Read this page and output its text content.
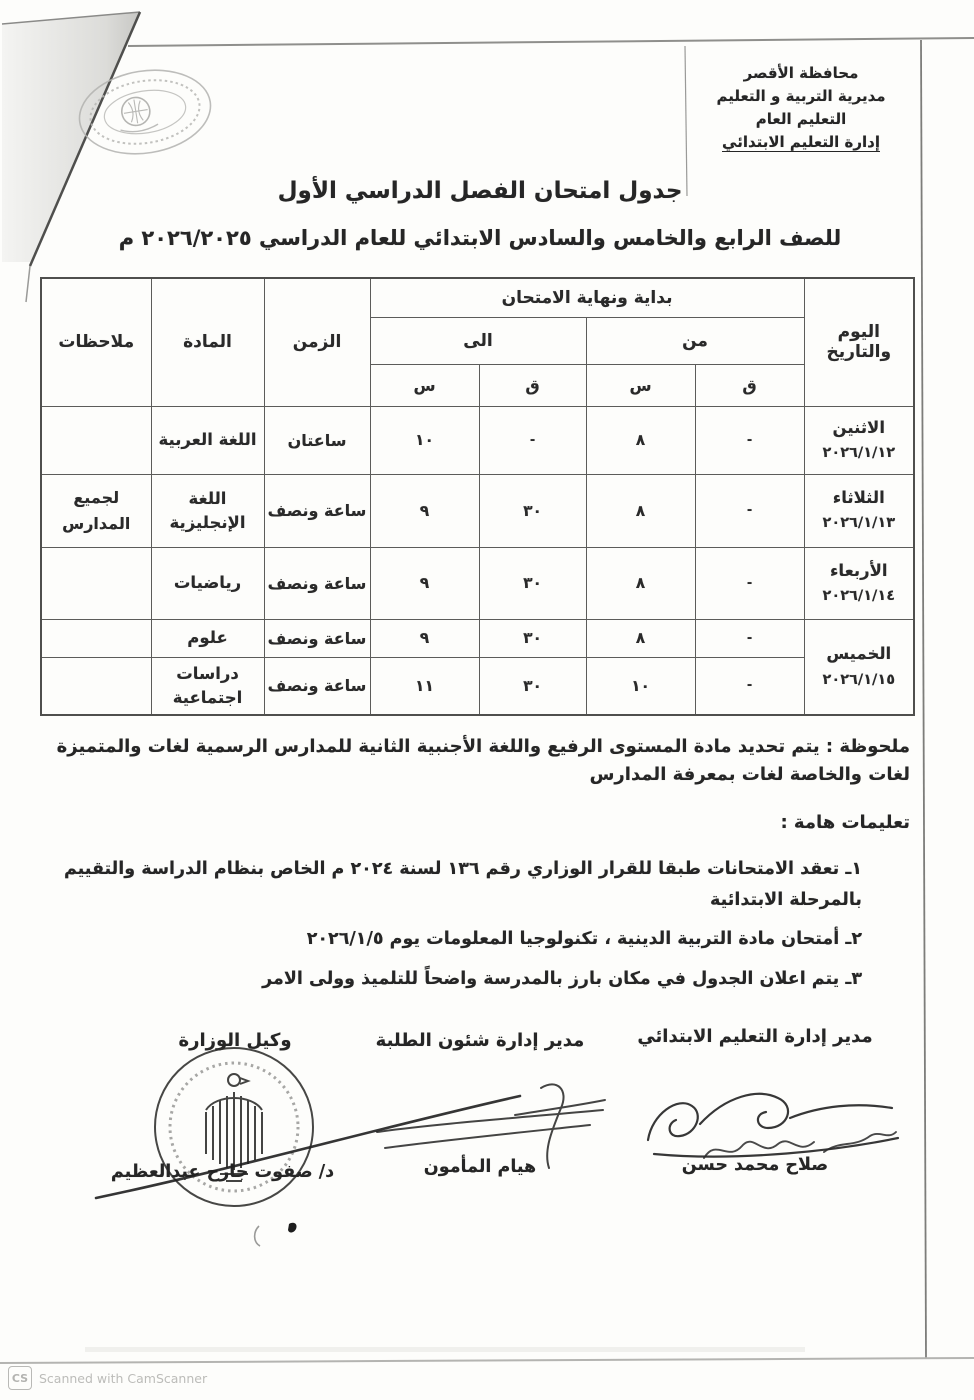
محافظة الأقصر
مديرية التربية و التعليم
التعليم العام
إدارة التعليم الابتدائي
جدول امتحان الفصل الدراسي الأول
للصف الرابع والخامس والسادس الابتدائي للعام الدراسي ٢٠٢٦/٢٠٢٥ م
اليوم والتاريخ	بداية ونهاية الامتحان				الزمن	المادة	ملاحظات
	من		الى				
	ق	س	ق	س			
الاثنين
٢٠٢٦/١/١٢	-	٨	-	١٠	ساعتان	اللغة العربية	
الثلاثاء
٢٠٢٦/١/١٣	-	٨	٣٠	٩	ساعة ونصف	اللغة الإنجليزية	لجميع المدارس
الأربعاء
٢٠٢٦/١/١٤	-	٨	٣٠	٩	ساعة ونصف	رياضيات	
الخميس
٢٠٢٦/١/١٥	-	٨	٣٠	٩	ساعة ونصف	علوم	
	-	١٠	٣٠	١١	ساعة ونصف	دراسات اجتماعية	
ملحوظة : يتم تحديد مادة المستوى الرفيع واللغة الأجنبية الثانية للمدارس الرسمية لغات والمتميزة لغات والخاصة لغات بمعرفة المدارس
تعليمات هامة :
١ـ تعقد الامتحانات طبقا للقرار الوزاري رقم ١٣٦ لسنة ٢٠٢٤ م الخاص بنظام الدراسة والتقييم بالمرحلة الابتدائية
٢ـ أمتحان مادة التربية الدينية ، تكنولوجيا المعلومات يوم ٢٠٢٦/١/٥
٣ـ يتم اعلان الجدول في مكان بارز بالمدرسة واضحاً للتلميذ وولى الامر
مدير إدارة التعليم الابتدائي
مدير إدارة شئون الطلبة
وكيل الوزارة
صلاح محمد حسن
هيام المأمون
د/ صفوت جارح عبدالعظيم
CS Scanned with CamScanner
